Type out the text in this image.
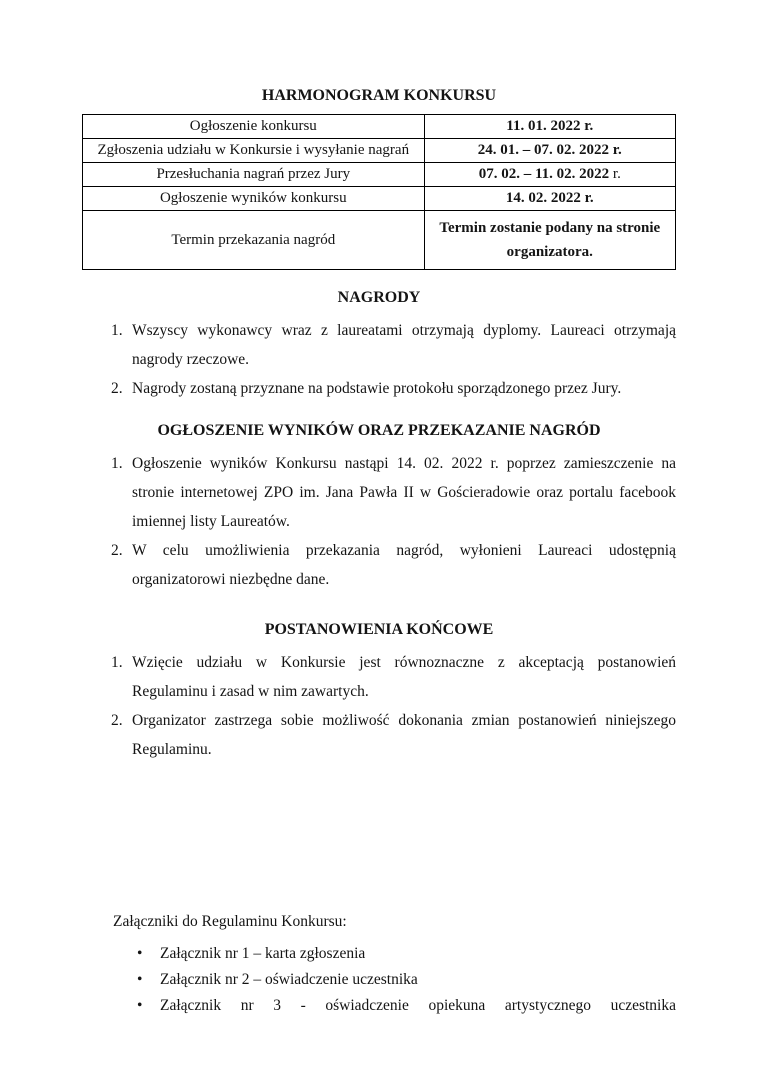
HARMONOGRAM KONKURSU
Ogłoszenie konkursu	11. 01. 2022 r.
Zgłoszenia udziału w Konkursie i wysyłanie nagrań	24. 01. – 07. 02. 2022 r.
Przesłuchania nagrań przez Jury	07. 02. – 11. 02. 2022 r.
Ogłoszenie wyników konkursu	14. 02. 2022 r.
Termin przekazania nagród	Termin zostanie podany na stronie organizatora.
NAGRODY
1. Wszyscy wykonawcy wraz z laureatami otrzymają dyplomy. Laureaci otrzymają nagrody rzeczowe.
2. Nagrody zostaną przyznane na podstawie protokołu sporządzonego przez Jury.
OGŁOSZENIE WYNIKÓW ORAZ PRZEKAZANIE NAGRÓD
1. Ogłoszenie wyników Konkursu nastąpi 14. 02. 2022 r. poprzez zamieszczenie na stronie internetowej ZPO im. Jana Pawła II w Gościeradowie oraz portalu facebook imiennej listy Laureatów.
2. W celu umożliwienia przekazania nagród, wyłonieni Laureaci udostępnią organizatorowi niezbędne dane.
POSTANOWIENIA KOŃCOWE
1. Wzięcie udziału w Konkursie jest równoznaczne z akceptacją postanowień Regulaminu i zasad w nim zawartych.
2. Organizator zastrzega sobie możliwość dokonania zmian postanowień niniejszego Regulaminu.
Załączniki do Regulaminu Konkursu:
• Załącznik nr 1 – karta zgłoszenia
• Załącznik nr 2 – oświadczenie uczestnika
• Załącznik nr 3 - oświadczenie opiekuna artystycznego uczestnika
